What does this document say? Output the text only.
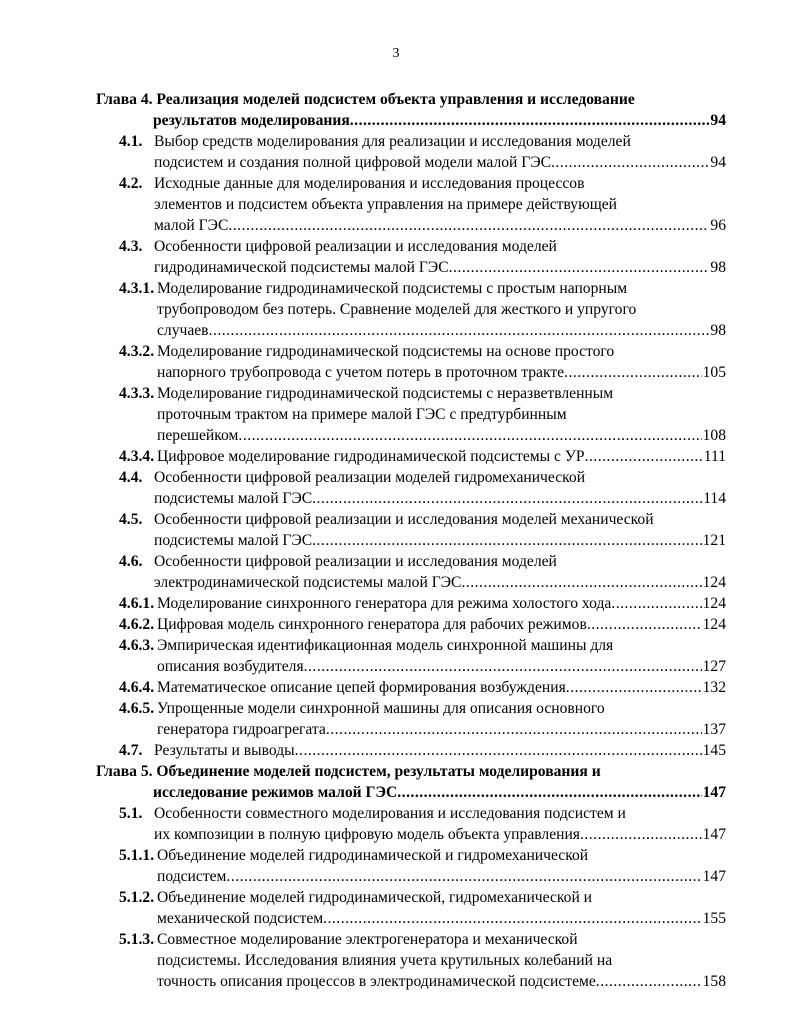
3
Глава 4. Реализация моделей подсистем объекта управления и исследование
результатов моделирования .....	94
4.1. Выбор средств моделирования для реализации и исследования моделей
подсистем и создания полной цифровой модели малой ГЭС .....	94
4.2. Исходные данные для моделирования и исследования процессов
элементов и подсистем объекта управления на примере действующей
малой ГЭС .....	96
4.3. Особенности цифровой реализации и исследования моделей
гидродинамической подсистемы малой ГЭС .....	98
4.3.1. Моделирование гидродинамической подсистемы с простым напорным
трубопроводом без потерь. Сравнение моделей для жесткого и упругого
случаев .....	98
4.3.2. Моделирование гидродинамической подсистемы на основе простого
напорного трубопровода с учетом потерь в проточном тракте .....	105
4.3.3. Моделирование гидродинамической подсистемы с неразветвленным
проточным трактом на примере малой ГЭС с предтурбинным
перешейком .....	108
4.3.4. Цифровое моделирование гидродинамической подсистемы с УР .....	111
4.4. Особенности цифровой реализации моделей гидромеханической
подсистемы малой ГЭС .....	114
4.5. Особенности цифровой реализации и исследования моделей механической
подсистемы малой ГЭС .....	121
4.6. Особенности цифровой реализации и исследования моделей
электродинамической подсистемы малой ГЭС .....	124
4.6.1. Моделирование синхронного генератора для режима холостого хода .....	124
4.6.2. Цифровая модель синхронного генератора для рабочих режимов .....	124
4.6.3. Эмпирическая идентификационная модель синхронной машины для
описания возбудителя .....	127
4.6.4. Математическое описание цепей формирования возбуждения .....	132
4.6.5. Упрощенные модели синхронной машины для описания основного
генератора гидроагрегата .....	137
4.7. Результаты и выводы .....	145
Глава 5. Объединение моделей подсистем, результаты моделирования и
исследование режимов малой ГЭС .....	147
5.1. Особенности совместного моделирования и исследования подсистем и
их композиции в полную цифровую модель объекта управления .....	147
5.1.1. Объединение моделей гидродинамической и гидромеханической
подсистем .....	147
5.1.2. Объединение моделей гидродинамической, гидромеханической и
механической подсистем .....	155
5.1.3. Совместное моделирование электрогенератора и механической
подсистемы. Исследования влияния учета крутильных колебаний на
точность описания процессов в электродинамической подсистеме .....	158
